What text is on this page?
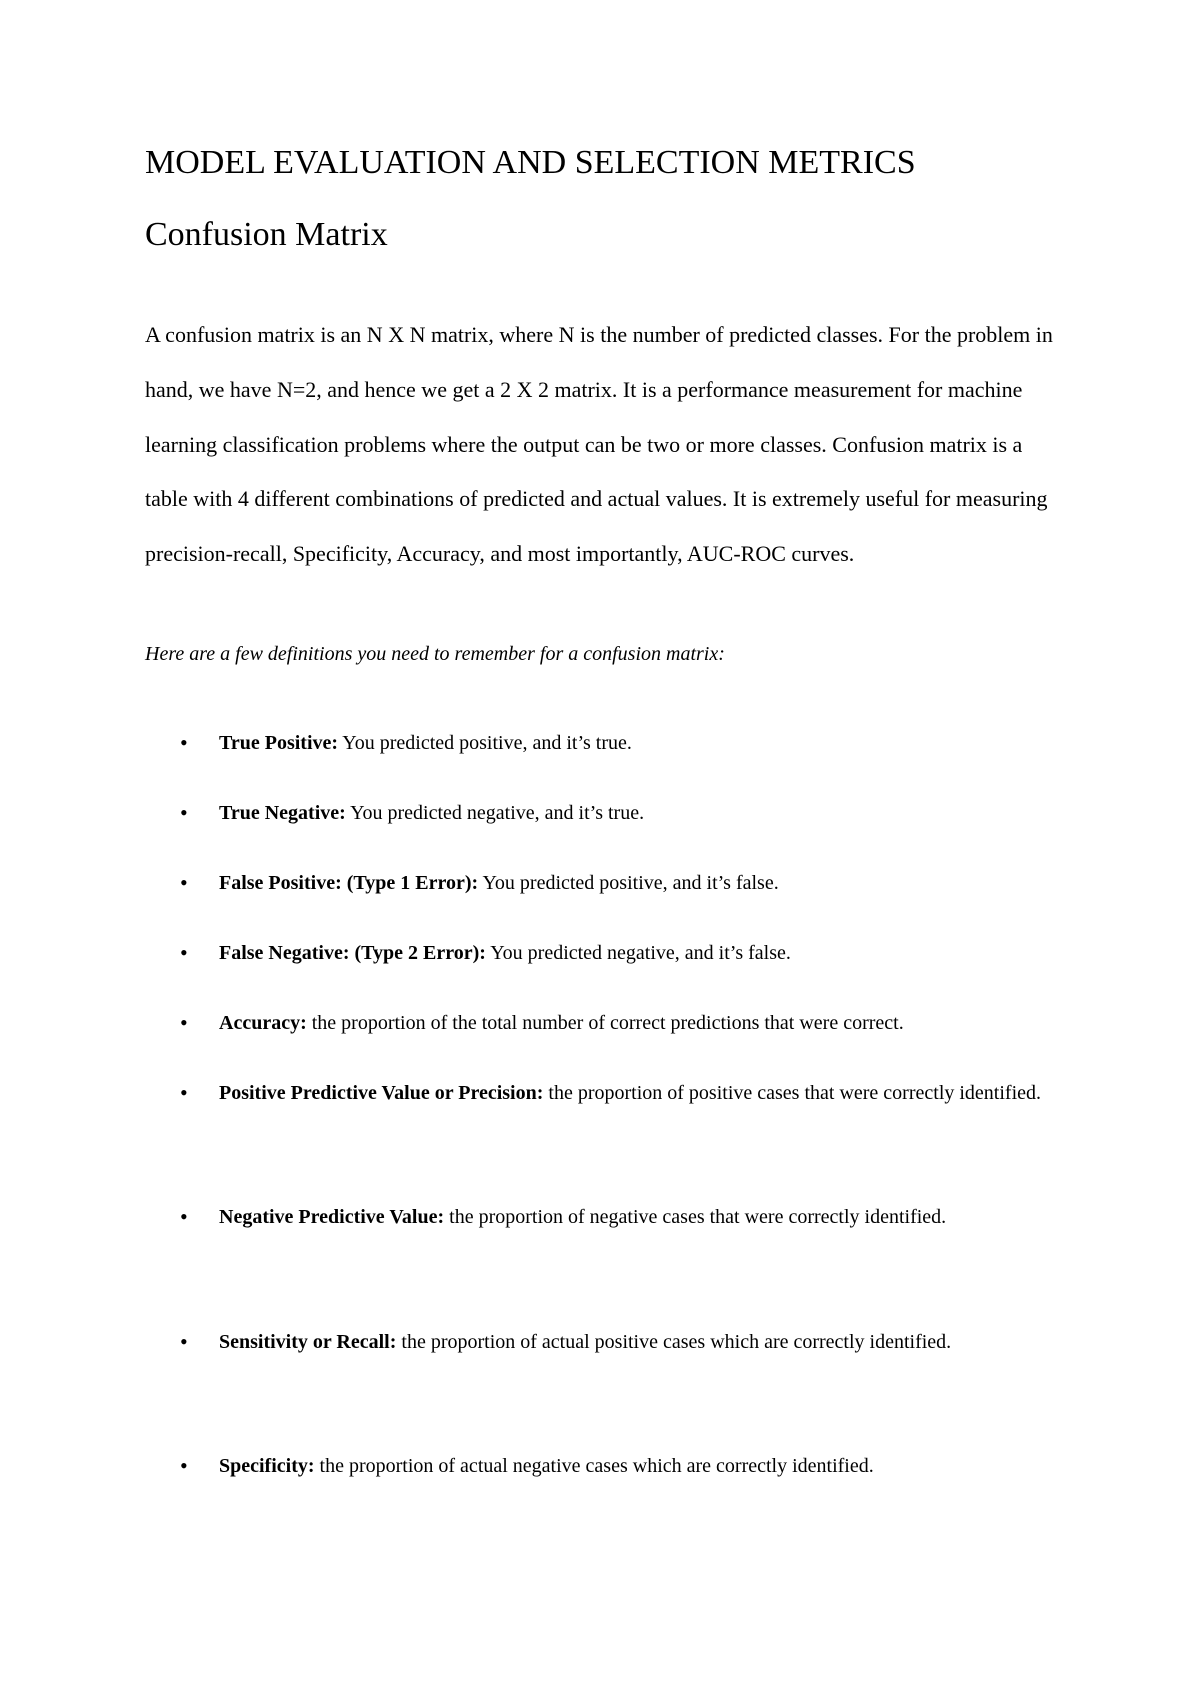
MODEL EVALUATION AND SELECTION METRICS
Confusion Matrix

A confusion matrix is an N X N matrix, where N is the number of predicted classes. For the problem in hand, we have N=2, and hence we get a 2 X 2 matrix. It is a performance measurement for machine learning classification problems where the output can be two or more classes. Confusion matrix is a table with 4 different combinations of predicted and actual values. It is extremely useful for measuring precision-recall, Specificity, Accuracy, and most importantly, AUC-ROC curves.

Here are a few definitions you need to remember for a confusion matrix:

• True Positive: You predicted positive, and it’s true.
• True Negative: You predicted negative, and it’s true.
• False Positive: (Type 1 Error): You predicted positive, and it’s false.
• False Negative: (Type 2 Error): You predicted negative, and it’s false.
• Accuracy: the proportion of the total number of correct predictions that were correct.
• Positive Predictive Value or Precision: the proportion of positive cases that were correctly identified.
• Negative Predictive Value: the proportion of negative cases that were correctly identified.
• Sensitivity or Recall: the proportion of actual positive cases which are correctly identified.
• Specificity: the proportion of actual negative cases which are correctly identified.
